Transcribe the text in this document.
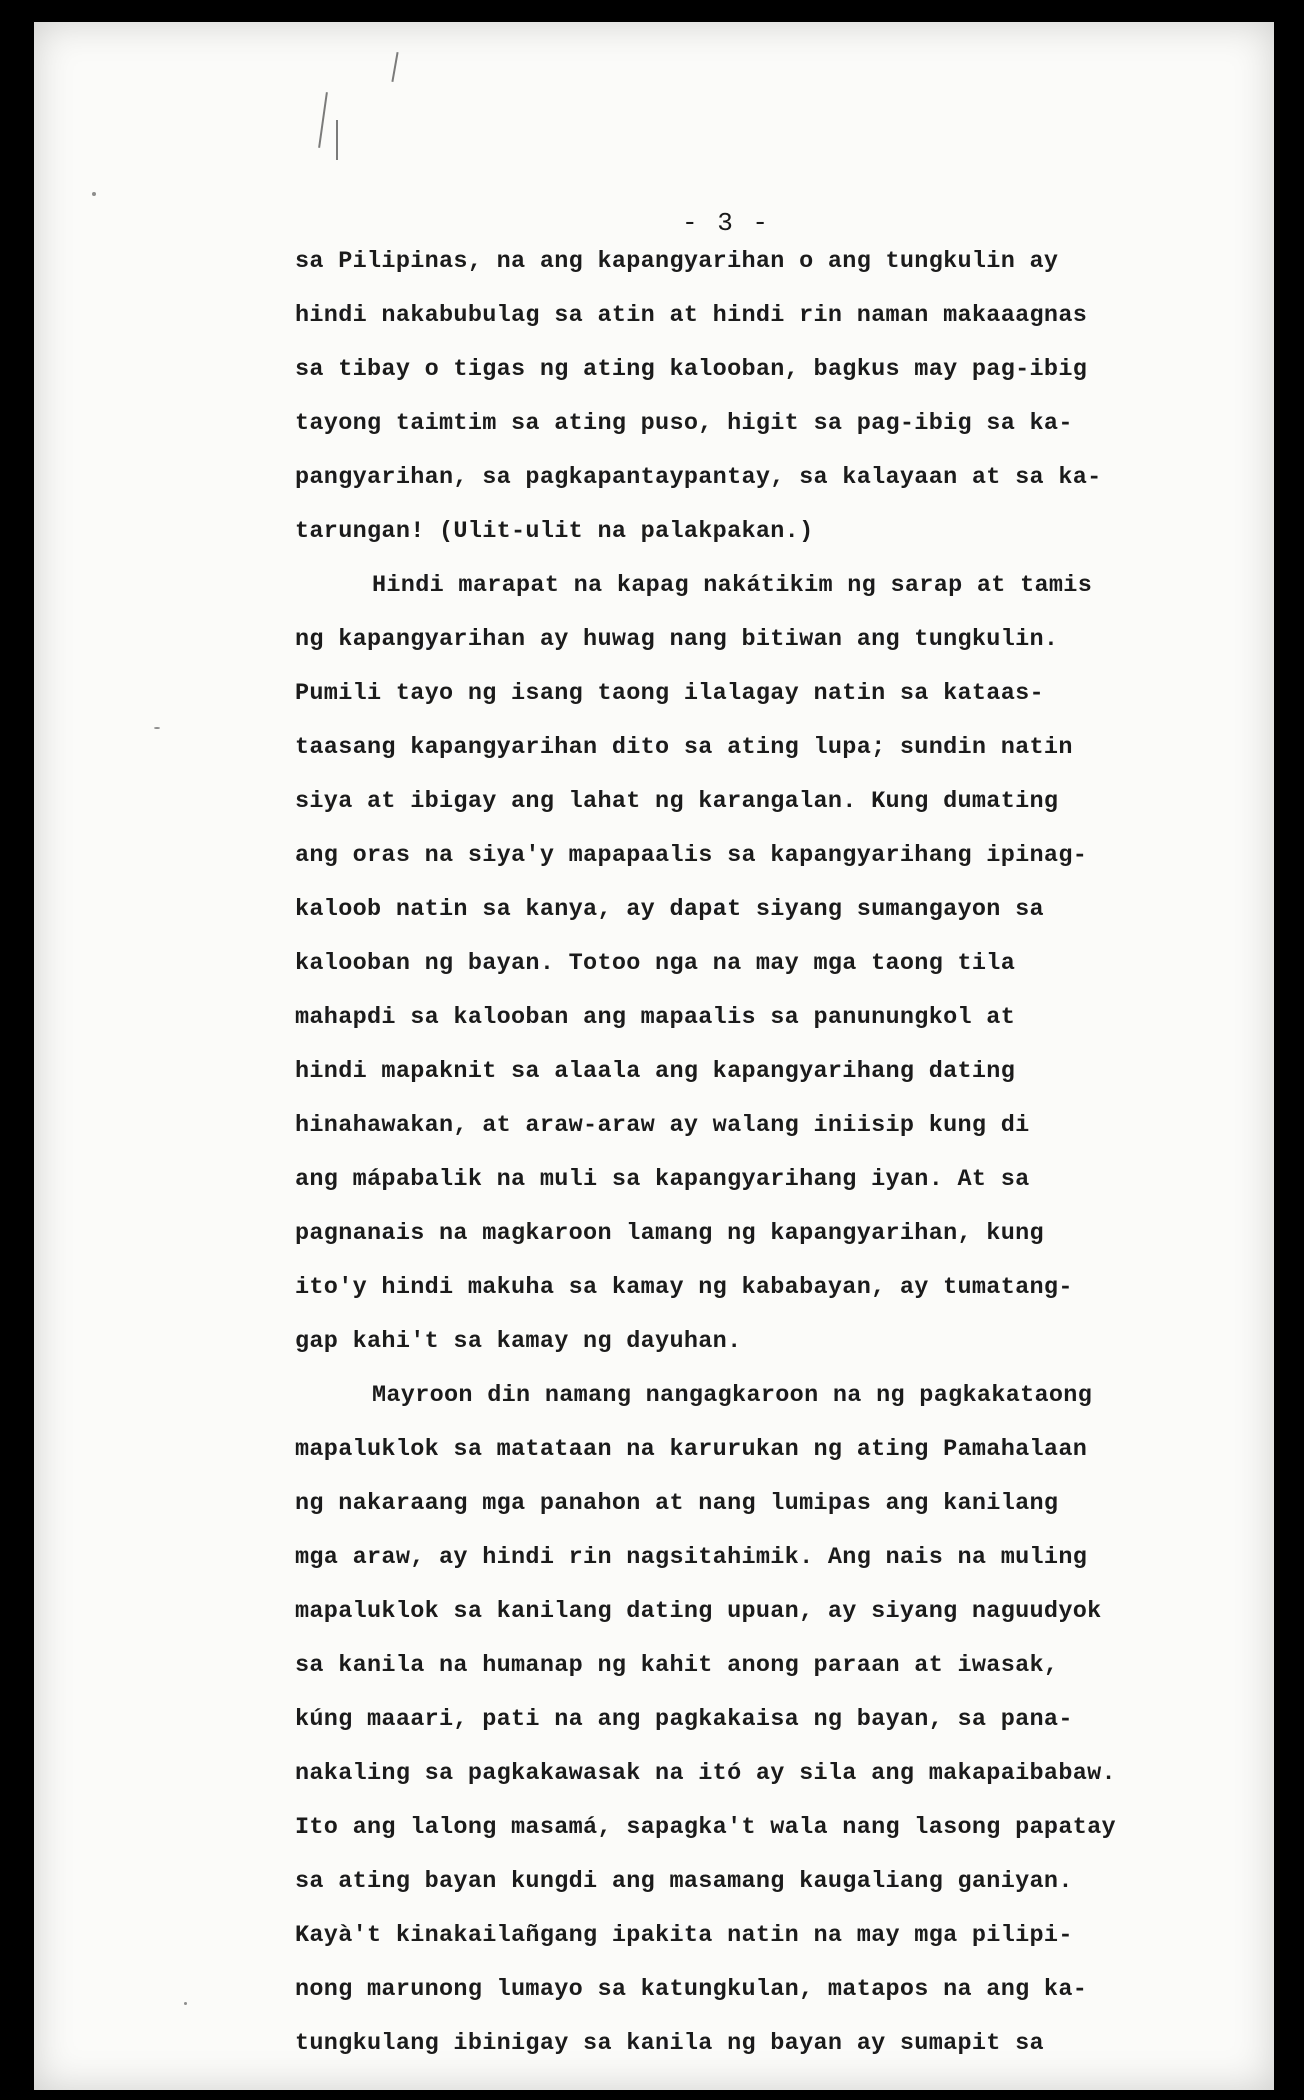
- 3 -

sa Pilipinas, na ang kapangyarihan o ang tungkulin ay

hindi nakabubulag sa atin at hindi rin naman makaaagnas

sa tibay o tigas ng ating kalooban, bagkus may pag-ibig

tayong taimtim sa ating puso, higit sa pag-ibig sa ka-

pangyarihan, sa pagkapantaypantay, sa kalayaan at sa ka-

tarungan! (Ulit-ulit na palakpakan.)

Hindi marapat na kapag nakátikim ng sarap at tamis

ng kapangyarihan ay huwag nang bitiwan ang tungkulin.

Pumili tayo ng isang taong ilalagay natin sa kataas-

taasang kapangyarihan dito sa ating lupa; sundin natin

siya at ibigay ang lahat ng karangalan. Kung dumating

ang oras na siya'y mapapaalis sa kapangyarihang ipinag-

kaloob natin sa kanya, ay dapat siyang sumangayon sa

kalooban ng bayan. Totoo nga na may mga taong tila

mahapdi sa kalooban ang mapaalis sa panunungkol at

hindi mapaknit sa alaala ang kapangyarihang dating

hinahawakan, at araw-araw ay walang iniisip kung di

ang mápabalik na muli sa kapangyarihang iyan. At sa

pagnanais na magkaroon lamang ng kapangyarihan, kung

ito'y hindi makuha sa kamay ng kababayan, ay tumatang-

gap kahi't sa kamay ng dayuhan.

Mayroon din namang nangagkaroon na ng pagkakataong

mapaluklok sa matataan na karurukan ng ating Pamahalaan

ng nakaraang mga panahon at nang lumipas ang kanilang

mga araw, ay hindi rin nagsitahimik. Ang nais na muling

mapaluklok sa kanilang dating upuan, ay siyang naguudyok

sa kanila na humanap ng kahit anong paraan at iwasak,

kúng maaari, pati na ang pagkakaisa ng bayan, sa pana-

nakaling sa pagkakawasak na itó ay sila ang makapaibabaw.

Ito ang lalong masamá, sapagka't wala nang lasong papatay

sa ating bayan kungdi ang masamang kaugaliang ganiyan.

Kayà't kinakailañgang ipakita natin na may mga pilipi-

nong marunong lumayo sa katungkulan, matapos na ang ka-

tungkulang ibinigay sa kanila ng bayan ay sumapit sa
